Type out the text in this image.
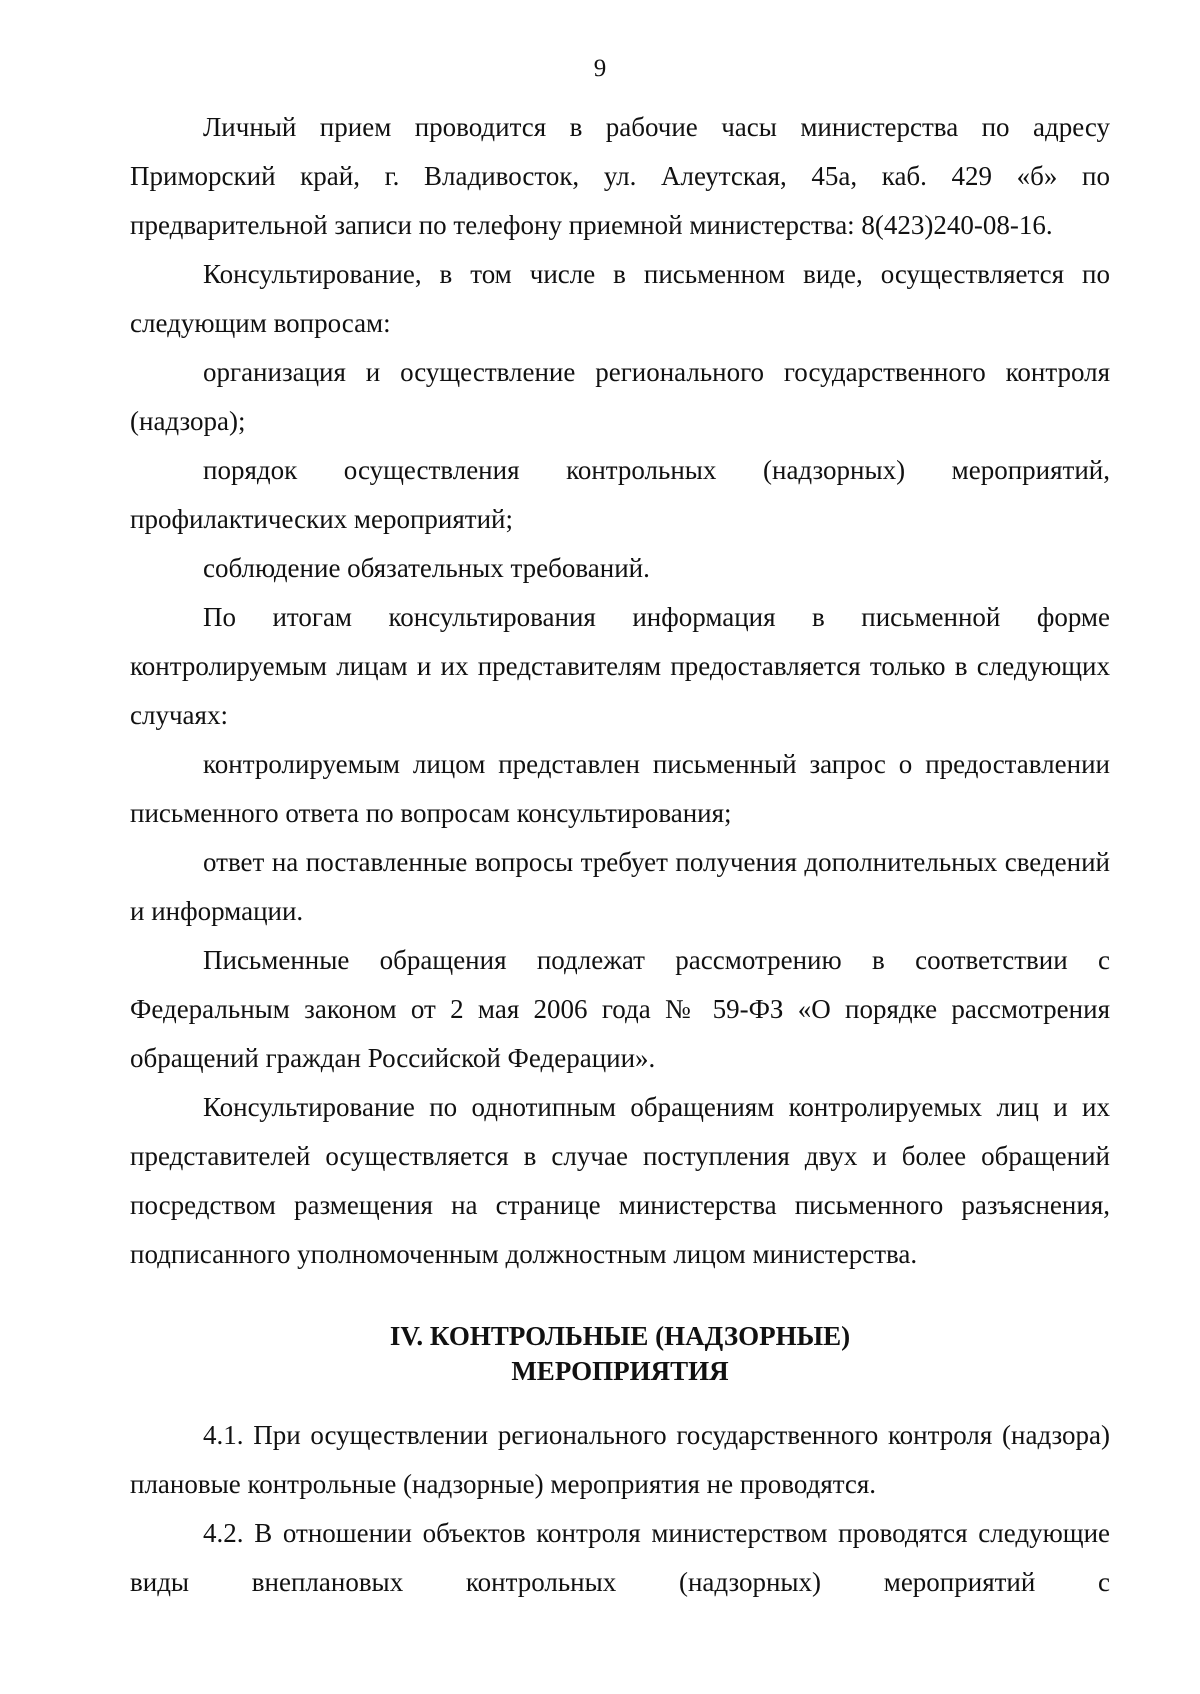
9

Личный прием проводится в рабочие часы министерства по адресу Приморский край, г. Владивосток, ул. Алеутская, 45а, каб. 429 «б» по предварительной записи по телефону приемной министерства: 8(423)240-08-16.

Консультирование, в том числе в письменном виде, осуществляется по следующим вопросам:

организация и осуществление регионального государственного контроля (надзора);

порядок осуществления контрольных (надзорных) мероприятий, профилактических мероприятий;

соблюдение обязательных требований.

По итогам консультирования информация в письменной форме контролируемым лицам и их представителям предоставляется только в следующих случаях:

контролируемым лицом представлен письменный запрос о предоставлении письменного ответа по вопросам консультирования;

ответ на поставленные вопросы требует получения дополнительных сведений и информации.

Письменные обращения подлежат рассмотрению в соответствии с Федеральным законом от 2 мая 2006 года № 59-ФЗ «О порядке рассмотрения обращений граждан Российской Федерации».

Консультирование по однотипным обращениям контролируемых лиц и их представителей осуществляется в случае поступления двух и более обращений посредством размещения на странице министерства письменного разъяснения, подписанного уполномоченным должностным лицом министерства.

IV. КОНТРОЛЬНЫЕ (НАДЗОРНЫЕ)
МЕРОПРИЯТИЯ

4.1. При осуществлении регионального государственного контроля (надзора) плановые контрольные (надзорные) мероприятия не проводятся.

4.2. В отношении объектов контроля министерством проводятся следующие виды внеплановых контрольных (надзорных) мероприятий с
